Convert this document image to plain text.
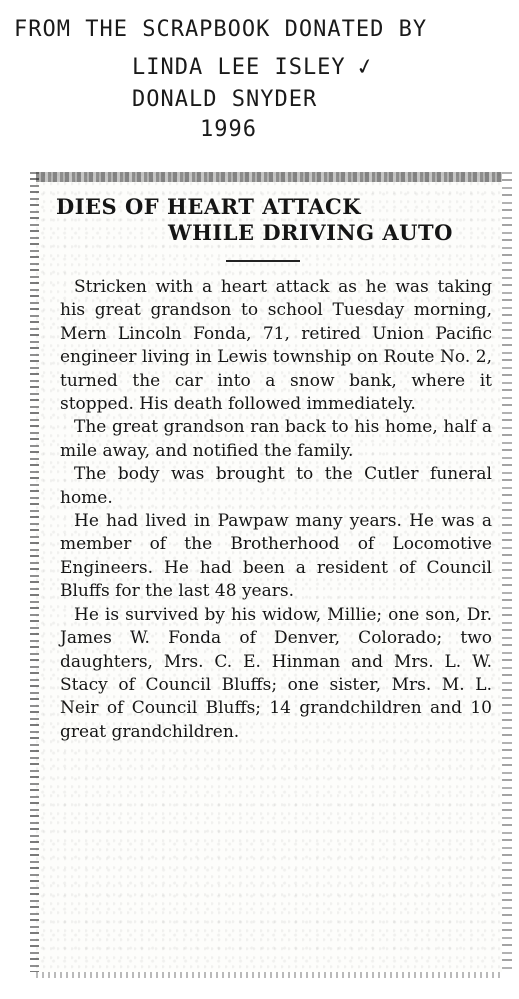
FROM THE SCRAPBOOK DONATED BY
LINDA LEE ISLEY ✓
DONALD SNYDER
1996
DIES OF HEART ATTACK
WHILE DRIVING AUTO

Stricken with a heart attack as he was taking his great grandson to school Tuesday morning, Mern Lincoln Fonda, 71, retired Union Pacific engineer living in Lewis township on Route No. 2, turned the car into a snow bank, where it stopped. His death followed immediately.

The great grandson ran back to his home, half a mile away, and notified the family.

The body was brought to the Cutler funeral home.

He had lived in Pawpaw many years. He was a member of the Brotherhood of Locomotive Engineers. He had been a resident of Council Bluffs for the last 48 years.

He is survived by his widow, Millie; one son, Dr. James W. Fonda of Denver, Colorado; two daughters, Mrs. C. E. Hinman and Mrs. L. W. Stacy of Council Bluffs; one sister, Mrs. M. L. Neir of Council Bluffs; 14 grandchildren and 10 great grandchildren.
